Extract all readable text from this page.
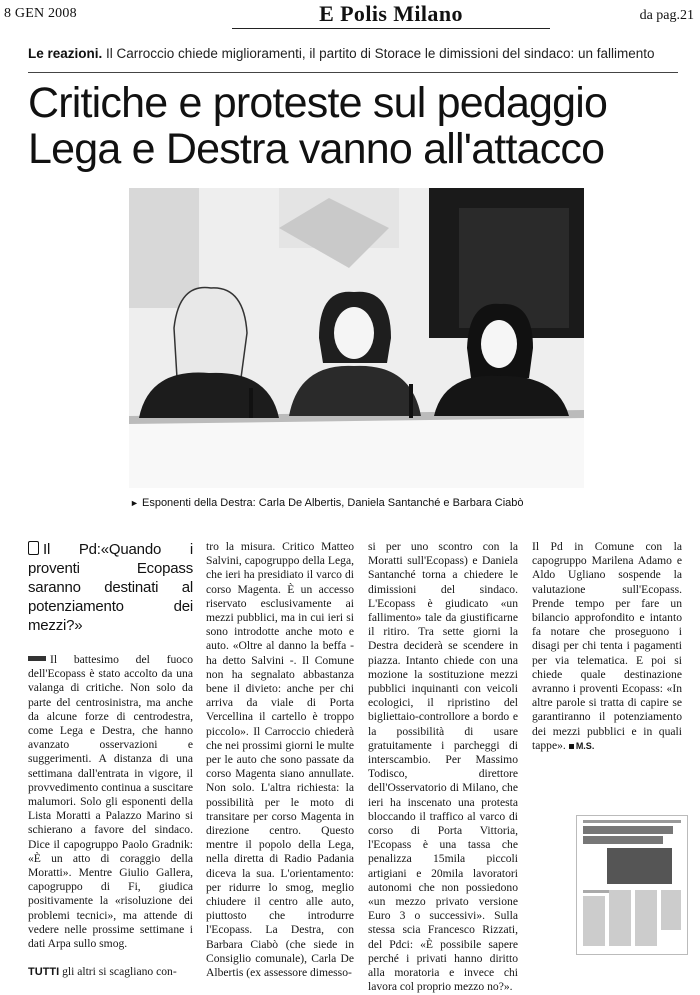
8 GEN 2008	E Polis Milano	da pag.21
Le reazioni. Il Carroccio chiede miglioramenti, il partito di Storace le dimissioni del sindaco: un fallimento
Critiche e proteste sul pedaggio
Lega e Destra vanno all'attacco
► Esponenti della Destra: Carla De Albertis, Daniela Santanché e Barbara Ciabò
Il Pd:«Quando i proventi Ecopass saranno destinati al potenziamento dei mezzi?»

Il battesimo del fuoco dell'Ecopass è stato accolto da una valanga di critiche. Non solo da parte del centrosinistra, ma anche da alcune forze di centrodestra, come Lega e Destra, che hanno avanzato osservazioni e suggerimenti. A distanza di una settimana dall'entrata in vigore, il provvedimento continua a suscitare malumori. Solo gli esponenti della Lista Moratti a Palazzo Marino si schierano a favore del sindaco. Dice il capogruppo Paolo Gradnik: «È un atto di coraggio della Moratti». Mentre Giulio Gallera, capogruppo di Fi, giudica positivamente la «risoluzione dei problemi tecnici», ma attende di vedere nelle prossime settimane i dati Arpa sullo smog.

TUTTI gli altri si scagliano con-

tro la misura. Critico Matteo Salvini, capogruppo della Lega, che ieri ha presidiato il varco di corso Magenta. È un accesso riservato esclusivamente ai mezzi pubblici, ma in cui ieri si sono introdotte anche moto e auto. «Oltre al danno la beffa - ha detto Salvini -. Il Comune non ha segnalato abbastanza bene il divieto: anche per chi arriva da viale di Porta Vercellina il cartello è troppo piccolo». Il Carroccio chiederà che nei prossimi giorni le multe per le auto che sono passate da corso Magenta siano annullate. Non solo. L'altra richiesta: la possibilità per le moto di transitare per corso Magenta in direzione centro. Questo mentre il popolo della Lega, nella diretta di Radio Padania diceva la sua. L'orientamento: per ridurre lo smog, meglio chiudere il centro alle auto, piuttosto che introdurre l'Ecopass. La Destra, con Barbara Ciabò (che siede in Consiglio comunale), Carla De Albertis (ex assessore dimesso-

si per uno scontro con la Moratti sull'Ecopass) e Daniela Santanché torna a chiedere le dimissioni del sindaco. L'Ecopass è giudicato «un fallimento» tale da giustificarne il ritiro. Tra sette giorni la Destra deciderà se scendere in piazza. Intanto chiede con una mozione la sostituzione mezzi pubblici inquinanti con veicoli ecologici, il ripristino del bigliettaio-controllore a bordo e la possibilità di usare gratuitamente i parcheggi di interscambio. Per Massimo Todisco, direttore dell'Osservatorio di Milano, che ieri ha inscenato una protesta bloccando il traffico al varco di corso di Porta Vittoria, l'Ecopass è una tassa che penalizza 15mila piccoli artigiani e 20mila lavoratori autonomi che non possiedono «un mezzo privato versione Euro 3 o successivi». Sulla stessa scia Francesco Rizzati, del Pdci: «È possibile sapere perché i privati hanno diritto alla moratoria e invece chi lavora col proprio mezzo no?».

Il Pd in Comune con la capogruppo Marilena Adamo e Aldo Ugliano sospende la valutazione sull'Ecopass. Prende tempo per fare un bilancio approfondito e intanto fa notare che proseguono i disagi per chi tenta i pagamenti per via telematica. E poi si chiede quale destinazione avranno i proventi Ecopass: «In altre parole si tratta di capire se garantiranno il potenziamento dei mezzi pubblici e in quali tappe». M.S.
